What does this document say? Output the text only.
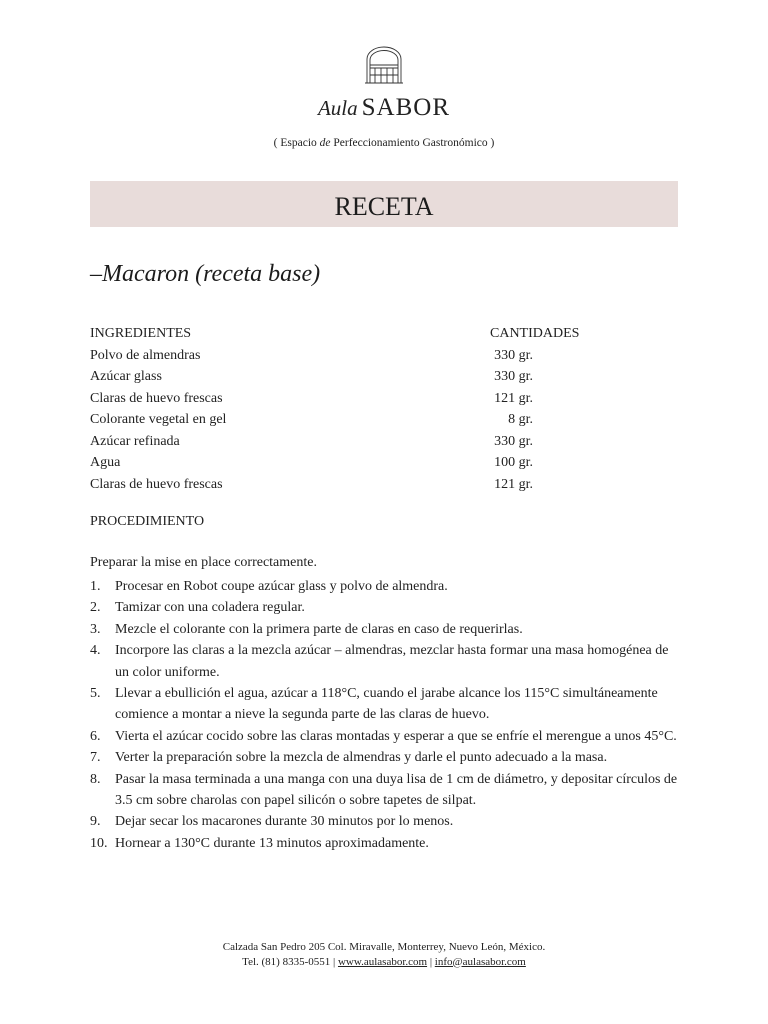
Aula SABOR
( Espacio de Perfeccionamiento Gastronómico )
RECETA
–Macaron (receta base)
INGREDIENTES	CANTIDADES
Polvo de almendras	330 gr.
Azúcar glass	330 gr.
Claras de huevo frescas	121 gr.
Colorante vegetal en gel	8 gr.
Azúcar refinada	330 gr.
Agua	100 gr.
Claras de huevo frescas	121 gr.
PROCEDIMIENTO
Preparar la mise en place correctamente.
1. Procesar en Robot coupe azúcar glass y polvo de almendra.
2. Tamizar con una coladera regular.
3. Mezcle el colorante con la primera parte de claras en caso de requerirlas.
4. Incorpore las claras a la mezcla azúcar – almendras, mezclar hasta formar una masa homogénea de un color uniforme.
5. Llevar a ebullición el agua, azúcar a 118°C, cuando el jarabe alcance los 115°C simultáneamente comience a montar a nieve la segunda parte de las claras de huevo.
6. Vierta el azúcar cocido sobre las claras montadas y esperar a que se enfríe el merengue a unos 45°C.
7. Verter la preparación sobre la mezcla de almendras y darle el punto adecuado a la masa.
8. Pasar la masa terminada a una manga con una duya lisa de 1 cm de diámetro, y depositar círculos de 3.5 cm sobre charolas con papel silicón o sobre tapetes de silpat.
9. Dejar secar los macarones durante 30 minutos por lo menos.
10. Hornear a 130°C durante 13 minutos aproximadamente.
Calzada San Pedro 205 Col. Miravalle, Monterrey, Nuevo León, México.
Tel. (81) 8335-0551 | www.aulasabor.com | info@aulasabor.com
